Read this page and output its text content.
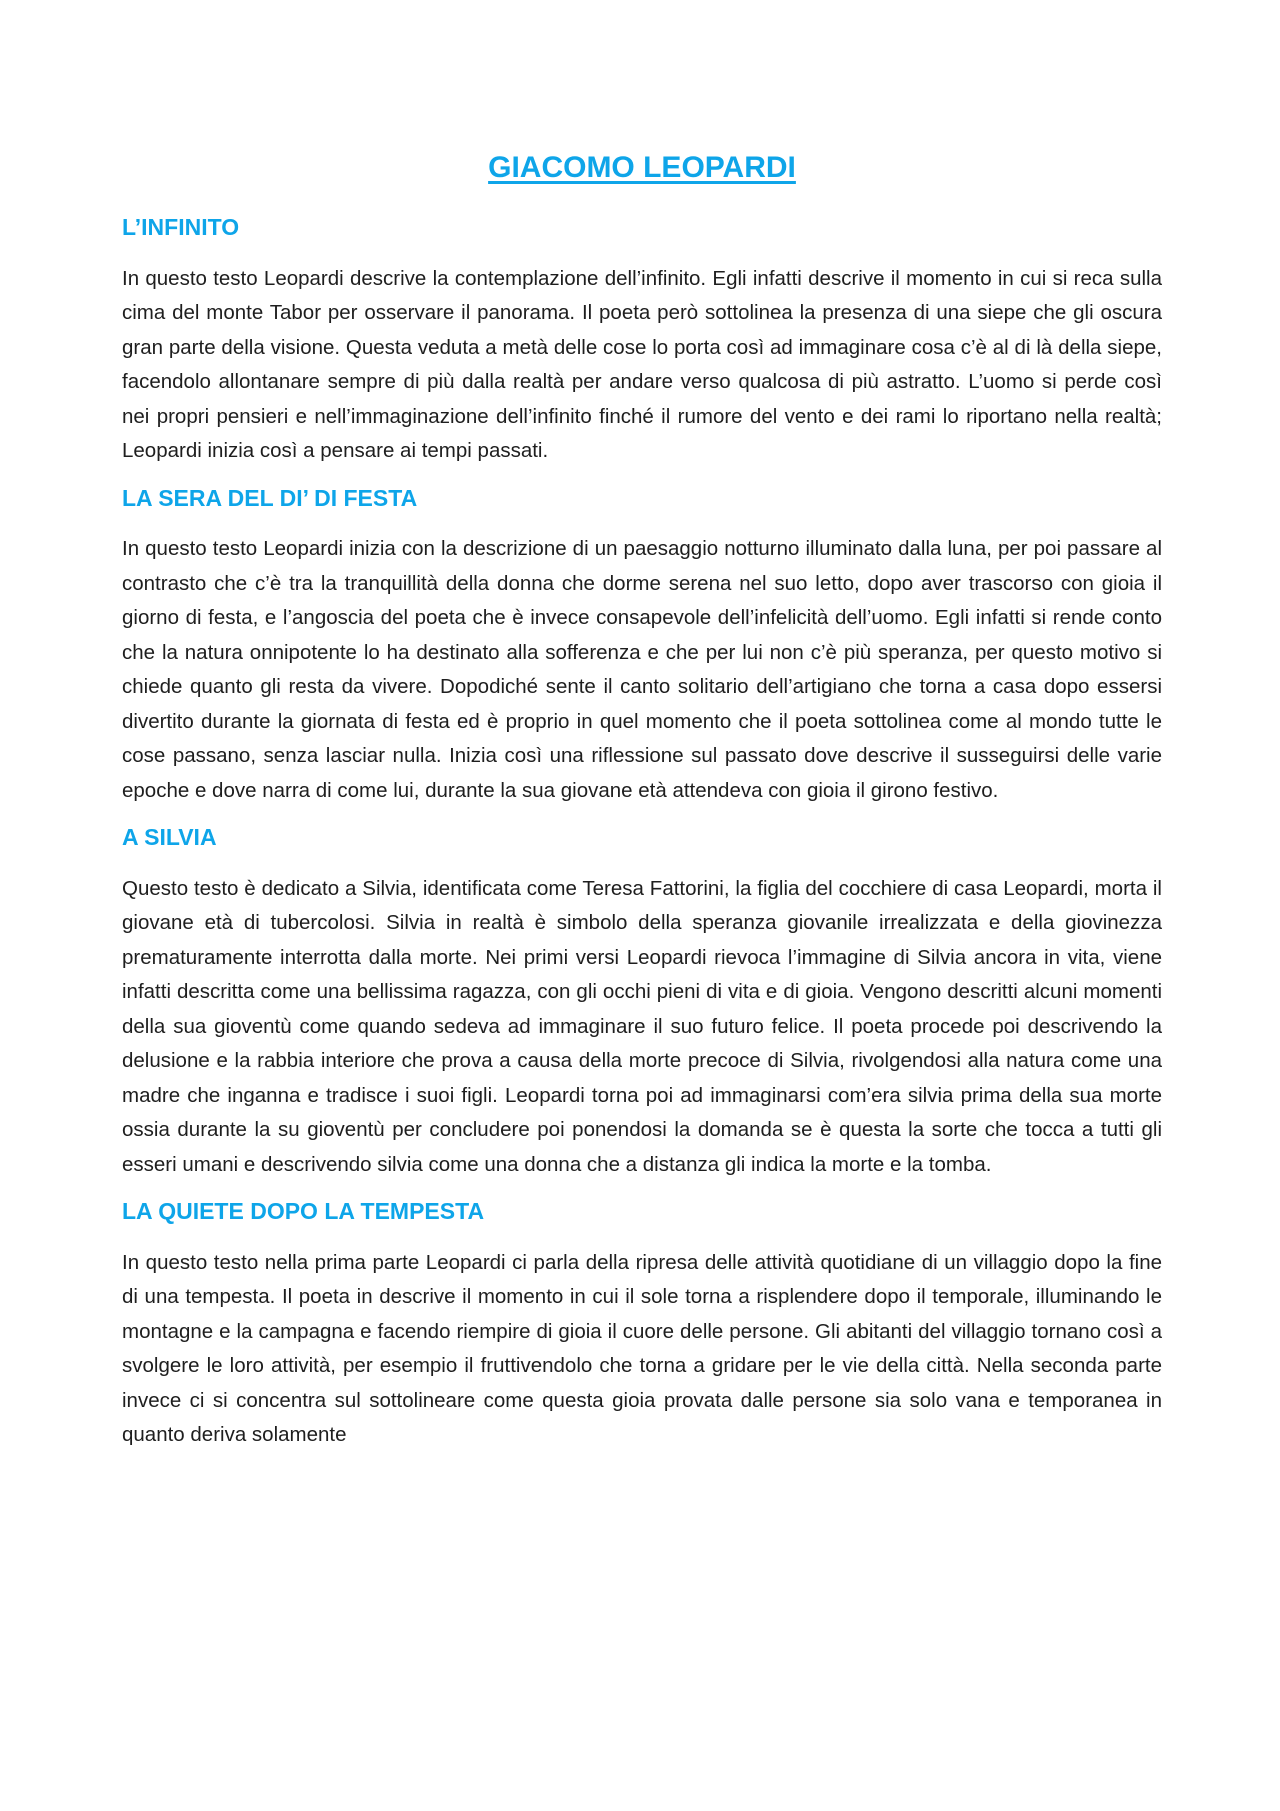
GIACOMO LEOPARDI
L’INFINITO

In questo testo Leopardi descrive la contemplazione dell’infinito. Egli infatti descrive il momento in cui si reca sulla cima del monte Tabor per osservare il panorama. Il poeta però sottolinea la presenza di una siepe che gli oscura gran parte della visione. Questa veduta a metà delle cose lo porta così ad immaginare cosa c’è al di là della siepe, facendolo allontanare sempre di più dalla realtà per andare verso qualcosa di più astratto. L’uomo si perde così nei propri pensieri e nell’immaginazione dell’infinito finché il rumore del vento e dei rami lo riportano nella realtà; Leopardi inizia così a pensare ai tempi passati.

LA SERA DEL DI’ DI FESTA

In questo testo Leopardi inizia con la descrizione di un paesaggio notturno illuminato dalla luna, per poi passare al contrasto che c’è tra la tranquillità della donna che dorme serena nel suo letto, dopo aver trascorso con gioia il giorno di festa, e l’angoscia del poeta che è invece consapevole dell’infelicità dell’uomo. Egli infatti si rende conto che la natura onnipotente lo ha destinato alla sofferenza e che per lui non c’è più speranza, per questo motivo si chiede quanto gli resta da vivere. Dopodiché sente il canto solitario dell’artigiano che torna a casa dopo essersi divertito durante la giornata di festa ed è proprio in quel momento che il poeta sottolinea come al mondo tutte le cose passano, senza lasciar nulla. Inizia così una riflessione sul passato dove descrive il susseguirsi delle varie epoche e dove narra di come lui, durante la sua giovane età attendeva con gioia il girono festivo.

A SILVIA

Questo testo è dedicato a Silvia, identificata come Teresa Fattorini, la figlia del cocchiere di casa Leopardi, morta il giovane età di tubercolosi. Silvia in realtà è simbolo della speranza giovanile irrealizzata e della giovinezza prematuramente interrotta dalla morte. Nei primi versi Leopardi rievoca l’immagine di Silvia ancora in vita, viene infatti descritta come una bellissima ragazza, con gli occhi pieni di vita e di gioia. Vengono descritti alcuni momenti della sua gioventù come quando sedeva ad immaginare il suo futuro felice. Il poeta procede poi descrivendo la delusione e la rabbia interiore che prova a causa della morte precoce di Silvia, rivolgendosi alla natura come una madre che inganna e tradisce i suoi figli. Leopardi torna poi ad immaginarsi com’era silvia prima della sua morte ossia durante la su gioventù per concludere poi ponendosi la domanda se è questa la sorte che tocca a tutti gli esseri umani e descrivendo silvia come una donna che a distanza gli indica la morte e la tomba.

LA QUIETE DOPO LA TEMPESTA

In questo testo nella prima parte Leopardi ci parla della ripresa delle attività quotidiane di un villaggio dopo la fine di una tempesta. Il poeta in descrive il momento in cui il sole torna a risplendere dopo il temporale, illuminando le montagne e la campagna e facendo riempire di gioia il cuore delle persone. Gli abitanti del villaggio tornano così a svolgere le loro attività, per esempio il fruttivendolo che torna a gridare per le vie della città. Nella seconda parte invece ci si concentra sul sottolineare come questa gioia provata dalle persone sia solo vana e temporanea in quanto deriva solamente
